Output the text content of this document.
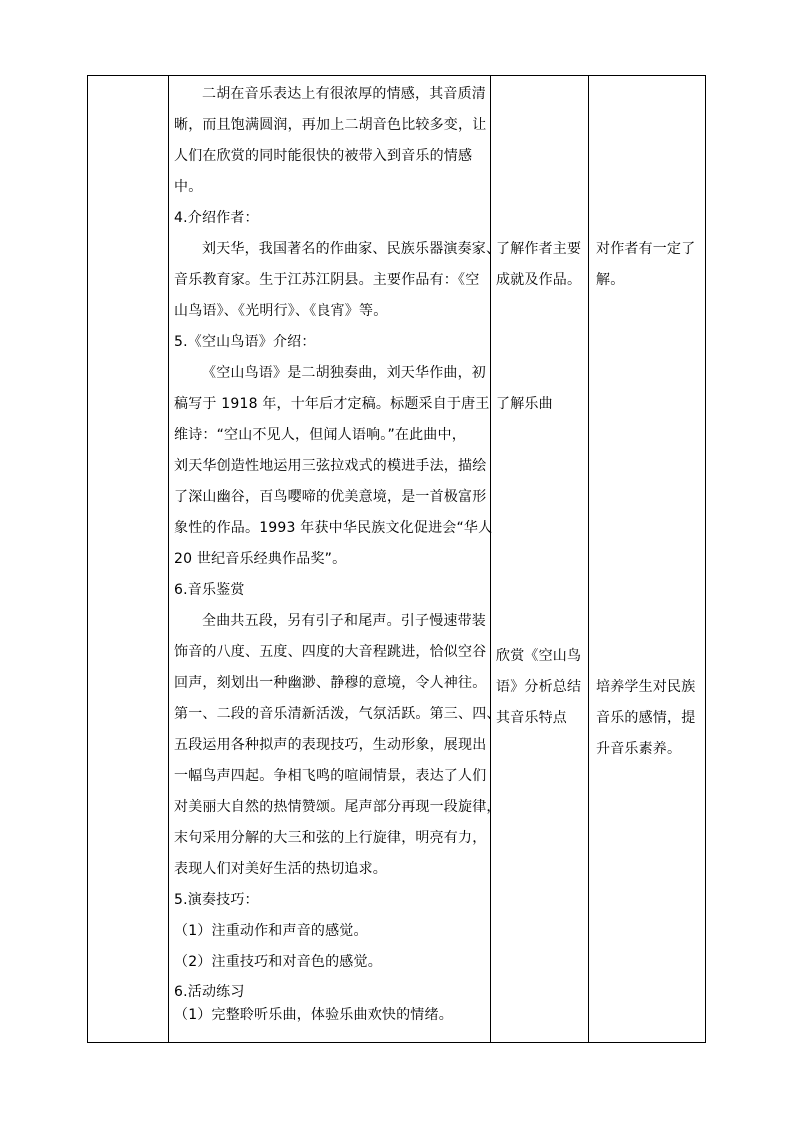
二胡在音乐表达上有很浓厚的情感，其音质清
晰，而且饱满圆润，再加上二胡音色比较多变，让
人们在欣赏的同时能很快的被带入到音乐的情感
中。
4.介绍作者：
刘天华，我国著名的作曲家、民族乐器演奏家、
音乐教育家。生于江苏江阴县。主要作品有：《空
山鸟语》、《光明行》、《良宵》等。
5.《空山鸟语》介绍：
《空山鸟语》是二胡独奏曲，刘天华作曲，初
稿写于 1918 年，十年后才定稿。标题采自于唐王
维诗：“空山不见人，但闻人语响。”在此曲中，
刘天华创造性地运用三弦拉戏式的模进手法，描绘
了深山幽谷，百鸟嘤啼的优美意境，是一首极富形
象性的作品。1993 年获中华民族文化促进会“华人
20 世纪音乐经典作品奖”。
6.音乐鉴赏
全曲共五段，另有引子和尾声。引子慢速带装
饰音的八度、五度、四度的大音程跳进，恰似空谷
回声，刻划出一种幽渺、静穆的意境，令人神往。
第一、二段的音乐清新活泼，气氛活跃。第三、四、
五段运用各种拟声的表现技巧，生动形象，展现出
一幅鸟声四起。争相飞鸣的喧闹情景，表达了人们
对美丽大自然的热情赞颂。尾声部分再现一段旋律，
末句采用分解的大三和弦的上行旋律，明亮有力，
表现人们对美好生活的热切追求。
5.演奏技巧：
（1）注重动作和声音的感觉。
（2）注重技巧和对音色的感觉。
6.活动练习
（1）完整聆听乐曲，体验乐曲欢快的情绪。
了解作者主要
成就及作品。
了解乐曲
欣赏《空山鸟
语》分析总结
其音乐特点
对作者有一定了
解。
培养学生对民族
音乐的感情，提
升音乐素养。
